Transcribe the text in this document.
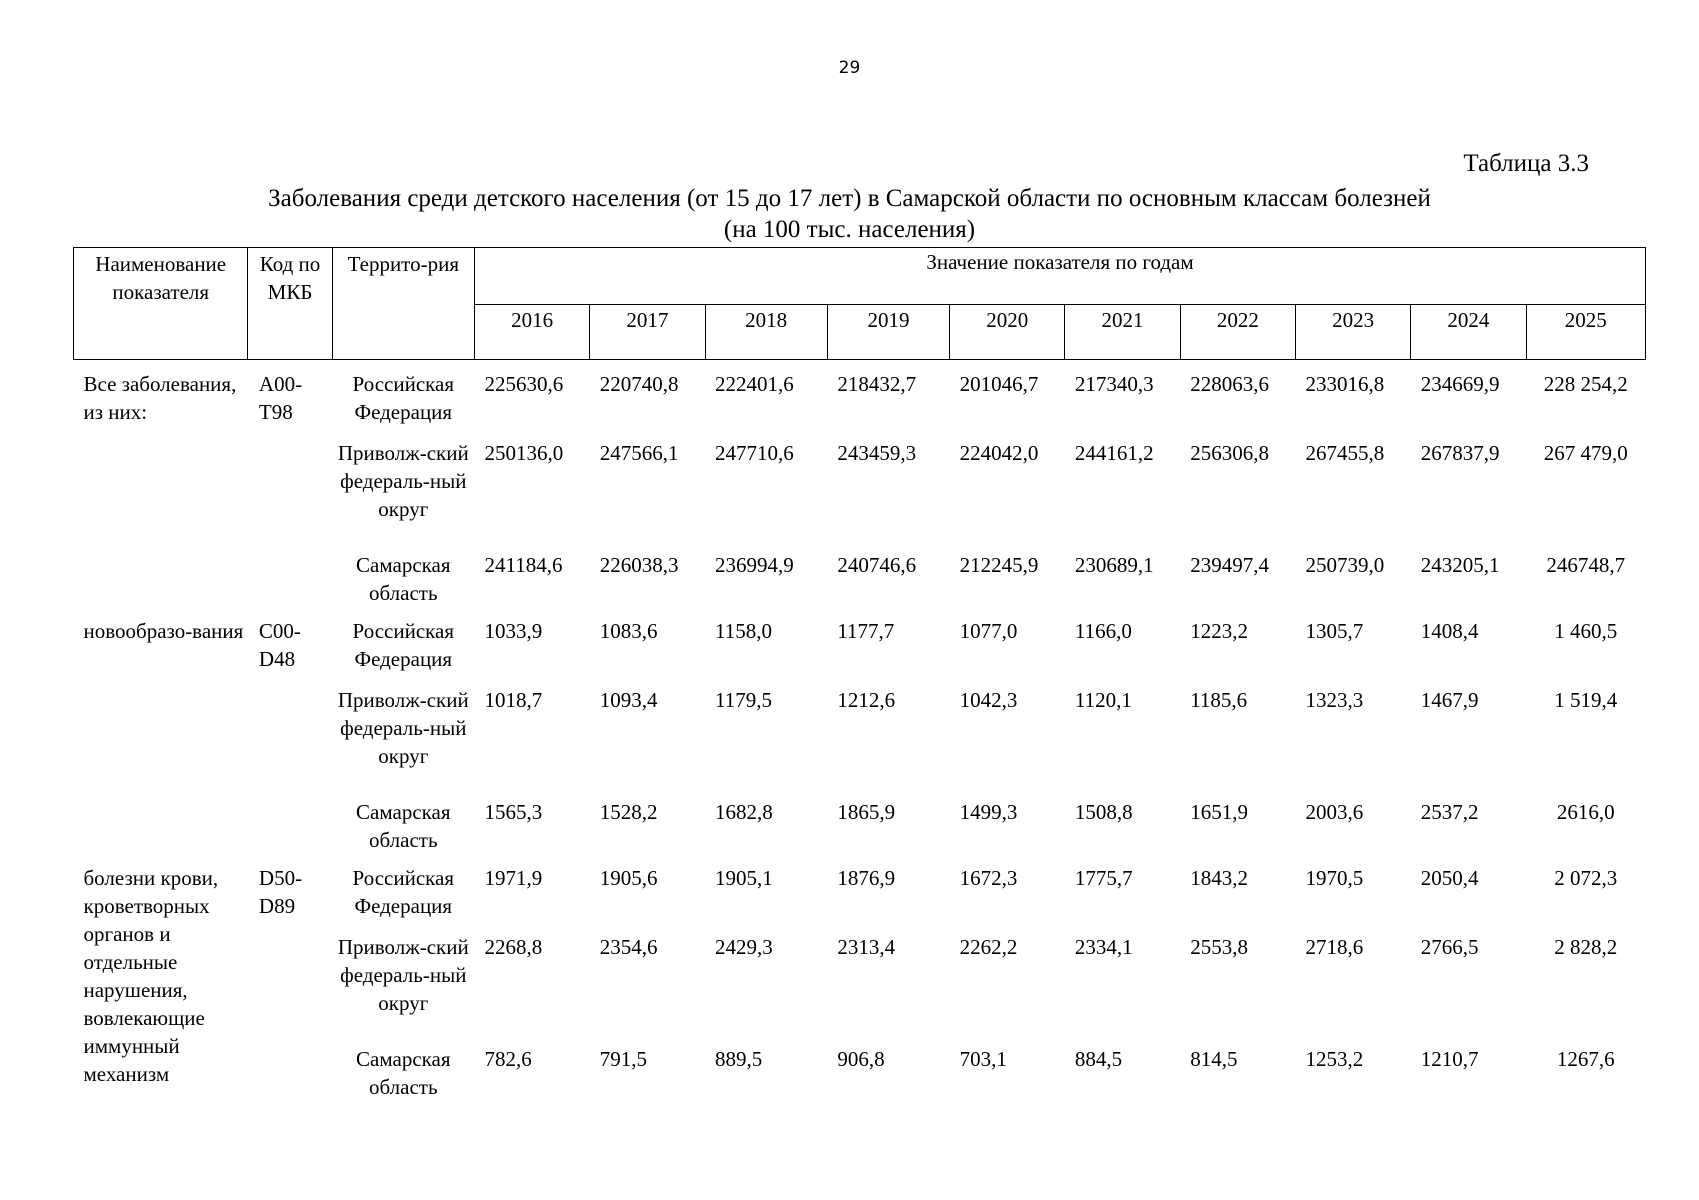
29
Таблица 3.3
Заболевания среди детского населения (от 15 до 17 лет) в Самарской области по основным классам болезней
(на 100 тыс. населения)
Наименование показателя	Код по МКБ	Террито-рия	Значение показателя по годам									
			2016	2017	2018	2019	2020	2021	2022	2023	2024	2025
Все заболевания, из них:	А00-Т98	Российская Федерация	225630,6	220740,8	222401,6	218432,7	201046,7	217340,3	228063,6	233016,8	234669,9	228 254,2
		Приволж-ский федераль-ный округ	250136,0	247566,1	247710,6	243459,3	224042,0	244161,2	256306,8	267455,8	267837,9	267 479,0
		Самарская область	241184,6	226038,3	236994,9	240746,6	212245,9	230689,1	239497,4	250739,0	243205,1	246748,7
новообразо-вания	С00-D48	Российская Федерация	1033,9	1083,6	1158,0	1177,7	1077,0	1166,0	1223,2	1305,7	1408,4	1 460,5
		Приволж-ский федераль-ный округ	1018,7	1093,4	1179,5	1212,6	1042,3	1120,1	1185,6	1323,3	1467,9	1 519,4
		Самарская область	1565,3	1528,2	1682,8	1865,9	1499,3	1508,8	1651,9	2003,6	2537,2	2616,0
болезни крови, кроветворных органов и отдельные нарушения, вовлекающие иммунный механизм	D50-D89	Российская Федерация	1971,9	1905,6	1905,1	1876,9	1672,3	1775,7	1843,2	1970,5	2050,4	2 072,3
		Приволж-ский федераль-ный округ	2268,8	2354,6	2429,3	2313,4	2262,2	2334,1	2553,8	2718,6	2766,5	2 828,2
		Самарская область	782,6	791,5	889,5	906,8	703,1	884,5	814,5	1253,2	1210,7	1267,6
